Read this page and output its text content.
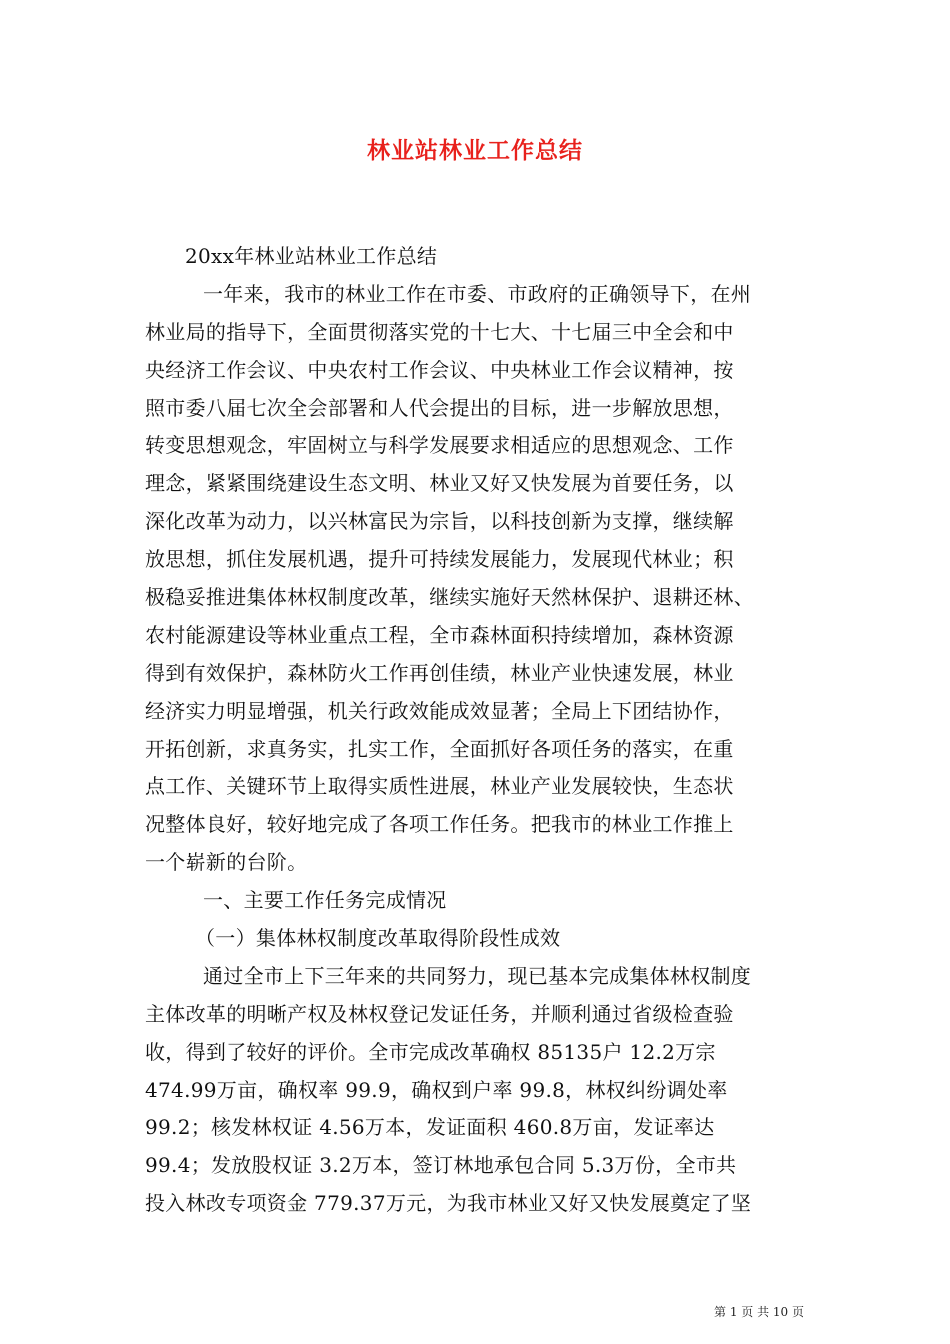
林业站林业工作总结
20xx年林业站林业工作总结
一年来，我市的林业工作在市委、市政府的正确领导下，在州
林业局的指导下，全面贯彻落实党的十七大、十七届三中全会和中
央经济工作会议、中央农村工作会议、中央林业工作会议精神，按
照市委八届七次全会部署和人代会提出的目标，进一步解放思想，
转变思想观念，牢固树立与科学发展要求相适应的思想观念、工作
理念，紧紧围绕建设生态文明、林业又好又快发展为首要任务，以
深化改革为动力，以兴林富民为宗旨，以科技创新为支撑，继续解
放思想，抓住发展机遇，提升可持续发展能力，发展现代林业；积
极稳妥推进集体林权制度改革，继续实施好天然林保护、退耕还林、
农村能源建设等林业重点工程，全市森林面积持续增加，森林资源
得到有效保护，森林防火工作再创佳绩，林业产业快速发展，林业
经济实力明显增强，机关行政效能成效显著；全局上下团结协作，
开拓创新，求真务实，扎实工作，全面抓好各项任务的落实，在重
点工作、关键环节上取得实质性进展，林业产业发展较快，生态状
况整体良好，较好地完成了各项工作任务。把我市的林业工作推上
一个崭新的台阶。
一、主要工作任务完成情况
（一）集体林权制度改革取得阶段性成效
通过全市上下三年来的共同努力，现已基本完成集体林权制度
主体改革的明晰产权及林权登记发证任务，并顺利通过省级检查验
收，得到了较好的评价。全市完成改革确权 85135户 12.2万宗
474.99万亩，确权率 99.9，确权到户率 99.8，林权纠纷调处率
99.2；核发林权证 4.56万本，发证面积 460.8万亩，发证率达
99.4；发放股权证 3.2万本，签订林地承包合同 5.3万份，全市共
投入林改专项资金 779.37万元，为我市林业又好又快发展奠定了坚
第 1 页 共 10 页
